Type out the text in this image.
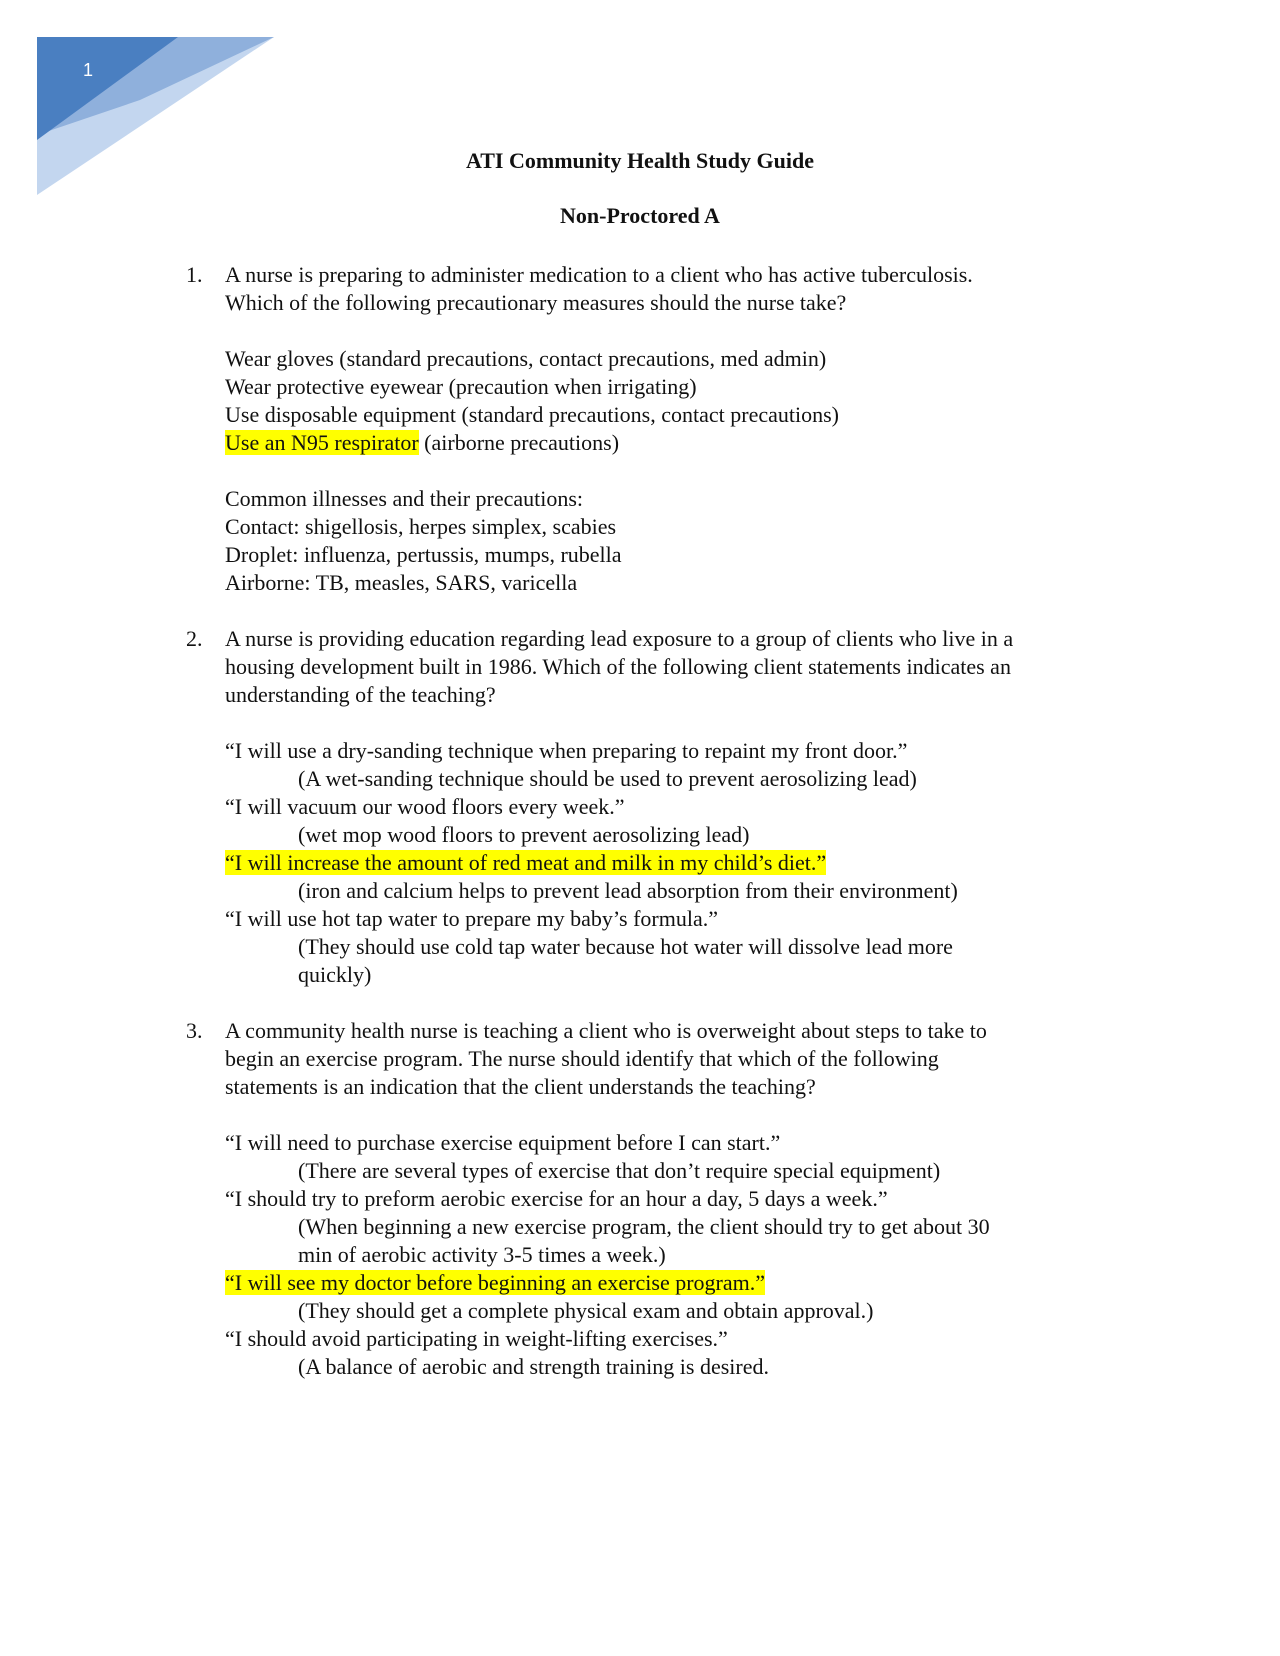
1
ATI Community Health Study Guide
Non-Proctored A
1. A nurse is preparing to administer medication to a client who has active tuberculosis.
Which of the following precautionary measures should the nurse take?
Wear gloves (standard precautions, contact precautions, med admin)
Wear protective eyewear (precaution when irrigating)
Use disposable equipment (standard precautions, contact precautions)
Use an N95 respirator (airborne precautions)
Common illnesses and their precautions:
Contact: shigellosis, herpes simplex, scabies
Droplet: influenza, pertussis, mumps, rubella
Airborne: TB, measles, SARS, varicella
2. A nurse is providing education regarding lead exposure to a group of clients who live in a
housing development built in 1986. Which of the following client statements indicates an
understanding of the teaching?
“I will use a dry-sanding technique when preparing to repaint my front door.”
(A wet-sanding technique should be used to prevent aerosolizing lead)
“I will vacuum our wood floors every week.”
(wet mop wood floors to prevent aerosolizing lead)
“I will increase the amount of red meat and milk in my child’s diet.”
(iron and calcium helps to prevent lead absorption from their environment)
“I will use hot tap water to prepare my baby’s formula.”
(They should use cold tap water because hot water will dissolve lead more
quickly)
3. A community health nurse is teaching a client who is overweight about steps to take to
begin an exercise program. The nurse should identify that which of the following
statements is an indication that the client understands the teaching?
“I will need to purchase exercise equipment before I can start.”
(There are several types of exercise that don’t require special equipment)
“I should try to preform aerobic exercise for an hour a day, 5 days a week.”
(When beginning a new exercise program, the client should try to get about 30
min of aerobic activity 3-5 times a week.)
“I will see my doctor before beginning an exercise program.”
(They should get a complete physical exam and obtain approval.)
“I should avoid participating in weight-lifting exercises.”
(A balance of aerobic and strength training is desired.
